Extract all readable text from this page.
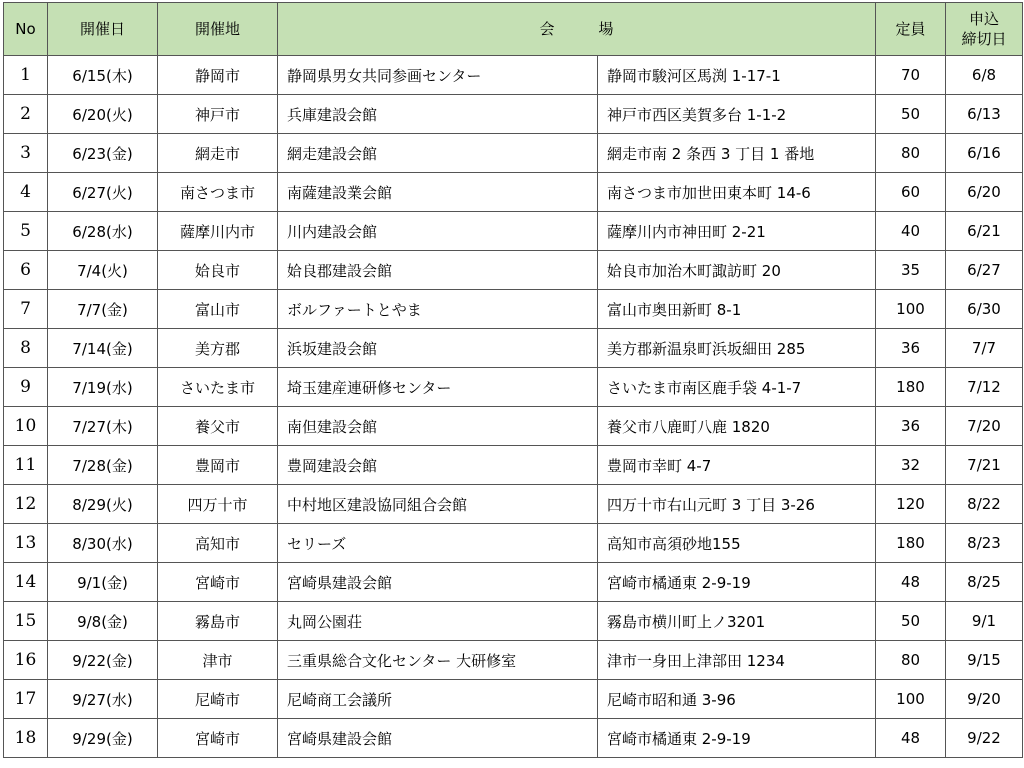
No	開催日	開催地	会 場		定員	申込
締切日

1	6/15(木)	静岡市	静岡県男女共同参画センター	静岡市駿河区馬渕 1-17-1	70	6/8
2	6/20(火)	神戸市	兵庫建設会館	神戸市西区美賀多台 1-1-2	50	6/13
3	6/23(金)	網走市	網走建設会館	網走市南 2 条西 3 丁目 1 番地	80	6/16
4	6/27(火)	南さつま市	南薩建設業会館	南さつま市加世田東本町 14-6	60	6/20
5	6/28(水)	薩摩川内市	川内建設会館	薩摩川内市神田町 2-21	40	6/21
6	7/4(火)	姶良市	姶良郡建設会館	姶良市加治木町諏訪町 20	35	6/27
7	7/7(金)	富山市	ボルファートとやま	富山市奥田新町 8-1	100	6/30
8	7/14(金)	美方郡	浜坂建設会館	美方郡新温泉町浜坂細田 285	36	7/7
9	7/19(水)	さいたま市	埼玉建産連研修センター	さいたま市南区鹿手袋 4-1-7	180	7/12
10	7/27(木)	養父市	南但建設会館	養父市八鹿町八鹿 1820	36	7/20
11	7/28(金)	豊岡市	豊岡建設会館	豊岡市幸町 4-7	32	7/21
12	8/29(火)	四万十市	中村地区建設協同組合会館	四万十市右山元町 3 丁目 3-26	120	8/22
13	8/30(水)	高知市	セリーズ	高知市高須砂地155	180	8/23
14	9/1(金)	宮崎市	宮崎県建設会館	宮崎市橘通東 2-9-19	48	8/25
15	9/8(金)	霧島市	丸岡公園荘	霧島市横川町上ノ3201	50	9/1
16	9/22(金)	津市	三重県総合文化センター 大研修室	津市一身田上津部田 1234	80	9/15
17	9/27(水)	尼崎市	尼崎商工会議所	尼崎市昭和通 3-96	100	9/20
18	9/29(金)	宮崎市	宮崎県建設会館	宮崎市橘通東 2-9-19	48	9/22
